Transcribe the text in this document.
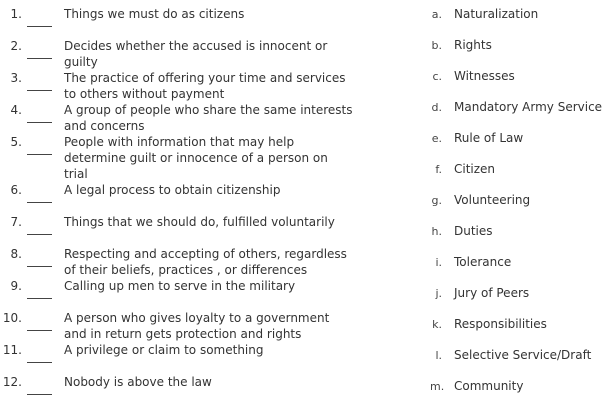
1.	Things we must do as citizens
2.	Decides whether the accused is innocent or guilty
3.	The practice of offering your time and services to others without payment
4.	A group of people who share the same interests and concerns
5.	People with information that may help determine guilt or innocence of a person on trial
6.	A legal process to obtain citizenship
7.	Things that we should do, fulfilled voluntarily
8.	Respecting and accepting of others, regardless of their beliefs, practices , or differences
9.	Calling up men to serve in the military
10.	A person who gives loyalty to a government and in return gets protection and rights
11.	A privilege or claim to something
12.	Nobody is above the law
a. Naturalization
b. Rights
c. Witnesses
d. Mandatory Army Service
e. Rule of Law
f. Citizen
g. Volunteering
h. Duties
i. Tolerance
j. Jury of Peers
k. Responsibilities
l. Selective Service/Draft
m. Community
